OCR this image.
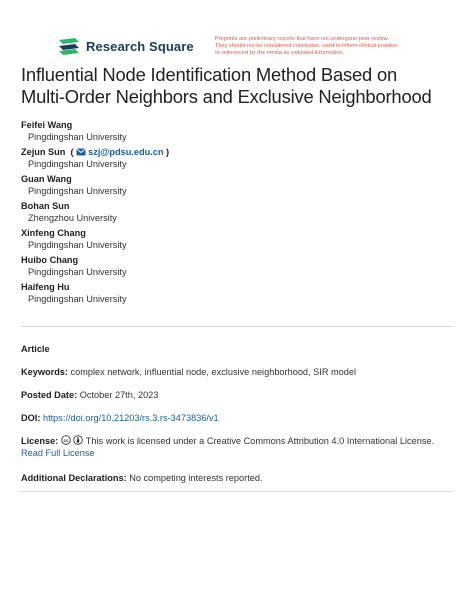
Research Square	Preprints are preliminary reports that have not undergone peer review.
They should not be considered conclusive, used to inform clinical practice,
or referenced by the media as validated information.
Influential Node Identification Method Based on
Multi-Order Neighbors and Exclusive Neighborhood
Feifei Wang
Pingdingshan University
Zejun Sun  ( szj@pdsu.edu.cn )
Pingdingshan University
Guan Wang
Pingdingshan University
Bohan Sun
Zhengzhou University
Xinfeng Chang
Pingdingshan University
Huibo Chang
Pingdingshan University
Haifeng Hu
Pingdingshan University
Article
Keywords: complex network, influential node, exclusive neighborhood, SIR model
Posted Date: October 27th, 2023
DOI: https://doi.org/10.21203/rs.3.rs-3473836/v1
License: cc This work is licensed under a Creative Commons Attribution 4.0 International License.
Read Full License
Additional Declarations: No competing interests reported.
